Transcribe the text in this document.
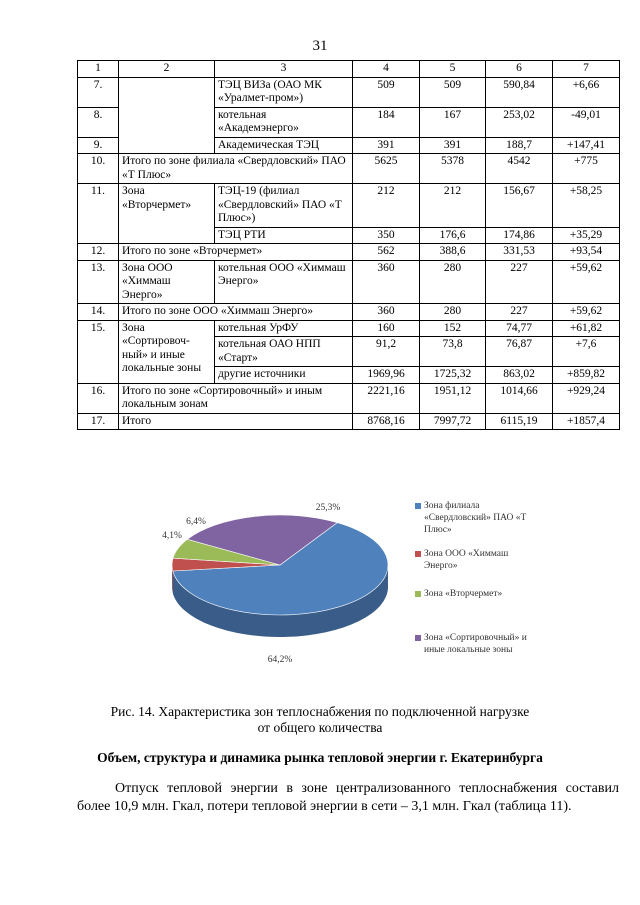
31
1	2	3	4	5	6	7
7.		ТЭЦ ВИЗа (ОАО МК «Уралмет-пром»)	509	509	590,84	+6,66
8.		котельная «Академэнерго»	184	167	253,02	-49,01
9.		Академическая ТЭЦ	391	391	188,7	+147,41
10.	Итого по зоне филиала «Свердловский» ПАО «Т Плюс»		5625	5378	4542	+775
11.	Зона «Вторчермет»	ТЭЦ-19 (филиал «Свердловский» ПАО «Т Плюс»)	212	212	156,67	+58,25
		ТЭЦ РТИ	350	176,6	174,86	+35,29
12.	Итого по зоне «Вторчермет»		562	388,6	331,53	+93,54
13.	Зона ООО «Химмаш Энерго»	котельная ООО «Химмаш Энерго»	360	280	227	+59,62
14.	Итого по зоне ООО «Химмаш Энерго»		360	280	227	+59,62
15.	Зона «Сортировоч-ный» и иные локальные зоны	котельная УрФУ	160	152	74,77	+61,82
		котельная ОАО НПП «Старт»	91,2	73,8	76,87	+7,6
		другие источники	1969,96	1725,32	863,02	+859,82
16.	Итого по зоне «Сортировочный» и иным локальным зонам		2221,16	1951,12	1014,66	+929,24
17.	Итого		8768,16	7997,72	6115,19	+1857,4
64,2%
4,1%
6,4%
25,3%	Зона филиала «Свердловский» ПАО «Т Плюс»
Зона ООО «Химмаш Энерго»
Зона «Вторчермет»
Зона «Сортировочный» и иные локальные зоны
Рис. 14. Характеристика зон теплоснабжения по подключенной нагрузке
от общего количества
Объем, структура и динамика рынка тепловой энергии г. Екатеринбурга
Отпуск тепловой энергии в зоне централизованного теплоснабжения составил более 10,9 млн. Гкал, потери тепловой энергии в сети – 3,1 млн. Гкал (таблица 11).
